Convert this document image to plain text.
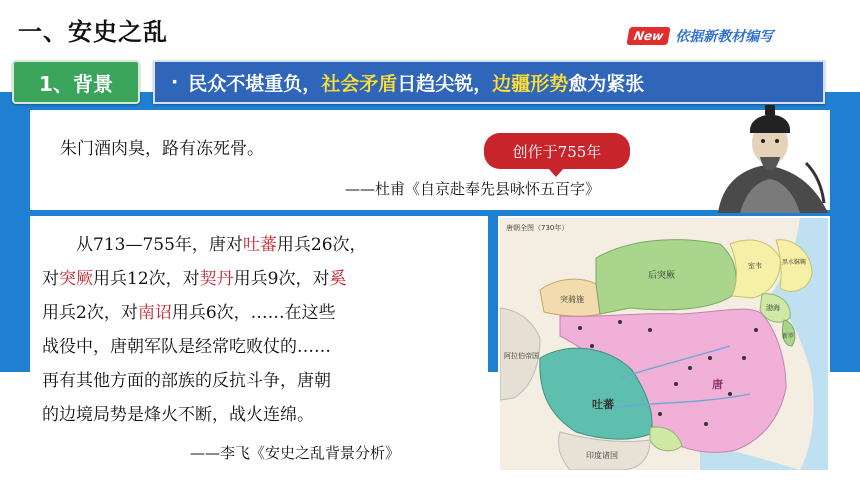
一、安史之乱	New 依据新教材编写
1、背景	· 民众不堪重负， 社会矛盾 日趋尖锐， 边疆形势 愈为紧张
朱门酒肉臭，路有冻死骨。
——杜甫《自京赴奉先县咏怀五百字》
创作于755年
从713—755年，唐对吐蕃用兵26次，
对突厥用兵12次，对契丹用兵9次，对奚
用兵2次，对南诏用兵6次，……在这些
战役中，唐朝军队是经常吃败仗的……
再有其他方面的部族的反抗斗争，唐朝
的边境局势是烽火不断，战火连绵。
——李飞《安史之乱背景分析》
唐朝全图（730年）
突骑施
后突厥
吐蕃
唐
阿拉伯帝国
印度诸国
室韦
渤海
新罗
黑水靺鞨
